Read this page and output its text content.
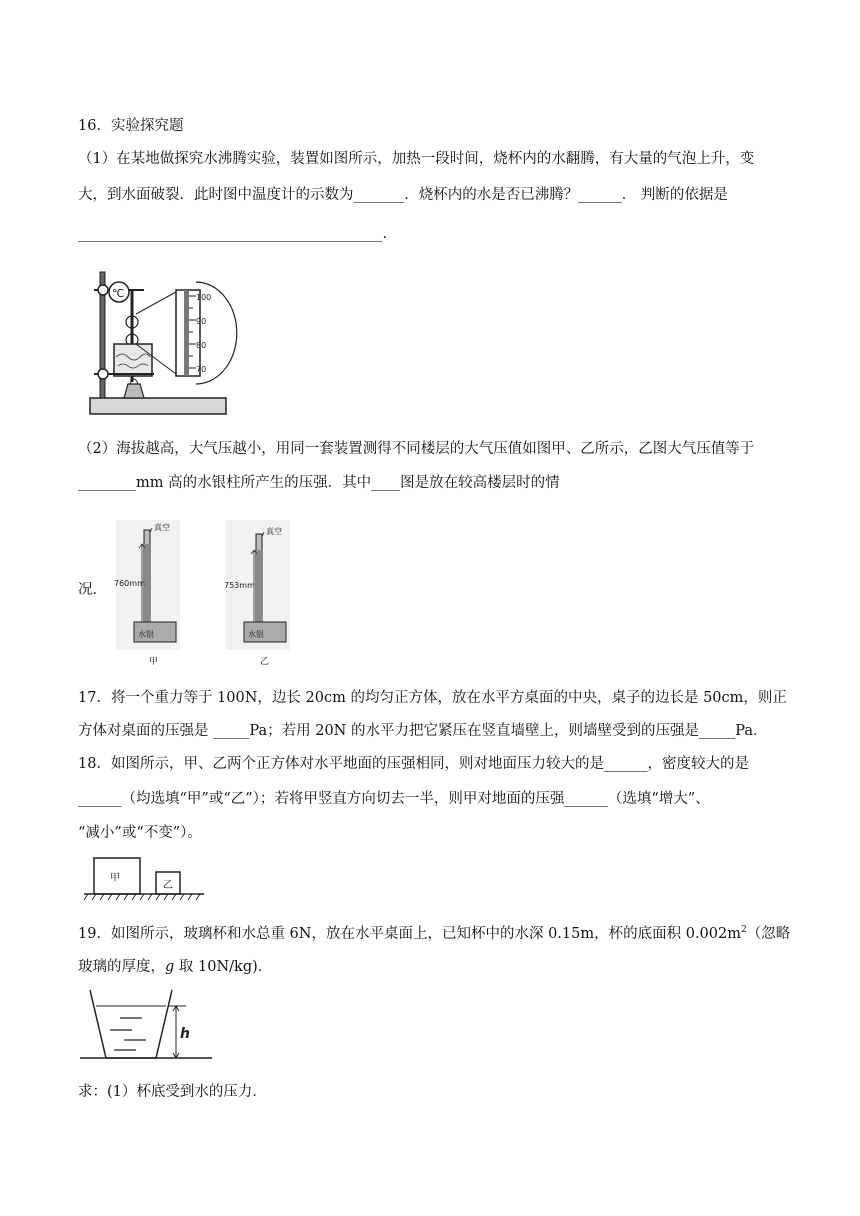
16．实验探究题
（1）在某地做探究水沸腾实验，装置如图所示，加热一段时间，烧杯内的水翻腾，有大量的气泡上升，变
大，到水面破裂．此时图中温度计的示数为_______．烧杯内的水是否已沸腾？______． 判断的依据是
__________________________________________．
℃	100
90
80
70
（2）海拔越高，大气压越小，用同一套装置测得不同楼层的大气压值如图甲、乙所示，乙图大气压值等于
________mm 高的水银柱所产生的压强．其中____图是放在较高楼层时的情
真空
760mm
水银
甲
真空
753mm
水银
乙
况．
17．将一个重力等于 100N，边长 20cm 的均匀正方体，放在水平方桌面的中央，桌子的边长是 50cm，则正
方体对桌面的压强是 _____Pa；若用 20N 的水平力把它紧压在竖直墙壁上，则墙壁受到的压强是_____Pa．
18．如图所示，甲、乙两个正方体对水平地面的压强相同，则对地面压力较大的是______，密度较大的是
______（均选填“甲”或“乙”）；若将甲竖直方向切去一半，则甲对地面的压强______（选填“增大”、
“减小”或“不变”）。
甲
乙
19．如图所示，玻璃杯和水总重 6N，放在水平桌面上，已知杯中的水深 0.15m，杯的底面积 $0.002m^2$（忽略
玻璃的厚度，g 取 10N/kg)．
h
求：(1）杯底受到水的压力．
